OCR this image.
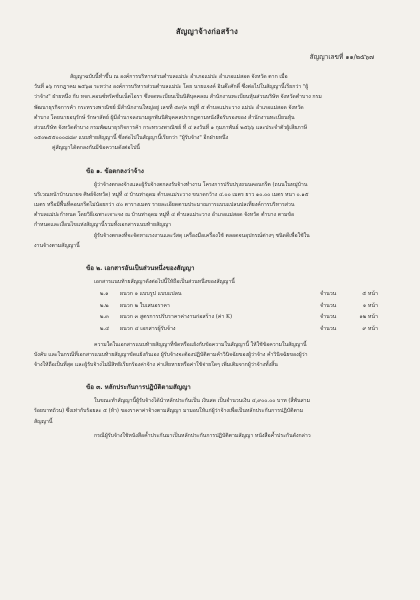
สัญญาจ้างก่อสร้าง
สัญญาเลขที่ ๑๑/๒๕๖๗

สัญญาฉบับนี้ทำขึ้น ณ องค์การบริหารส่วนตำบลแม่ปะ อำเภอแม่ปะ อำเภอแม่สอด จังหวัด ตาก เมื่อ

วันที่ ๑๖ กรกฎาคม ๒๕๖๗ ระหว่าง องค์การบริหารส่วนตำบลแม่ปะ โดย นายแจงค์ อินต๊ะศักดิ์ ซึ่งต่อไปในสัญญานี้เรียกว่า "ผู้

ว่าจ้าง" ฝ่ายหนึ่ง กับ หจก.คอนซ์ทรัคชั่นเน็ตไอรา ซึ่งจดทะเบียนเป็นนิติบุคคลณ สำนักงานทะเบียนหุ้นส่วนบริษัท จังหวัดตำบาง กรม

พัฒนาธุรกิจการค้า กระทรวงพาณิชย์ มีสำนักงานใหญ่อยู่ เลขที่ ๕๙/๓ หมู่ที่ ๕ ตำบลแม่ระวาง แม่ปะ อำเภอแม่สอด จังหวัด

ตำบาง โดยนายอนุรักษ์ รักษาสัตย์ ผู้มีอำนาจลงนามผูกพันนิติบุคคลปรากฏตามหนังสือรับรองของ สำนักงานทะเบียนหุ้น

ส่วนบริษัท จังหวัดตำบาง กรมพัฒนาธุรกิจการค้า กระทรวงพาณิชย์ ที่ ๔ ลงวันที่ ๑ กุมภาพันธ์ ๒๕๖๖ และประจำตัวผู้เสียภาษี

๐๕๐๒๕๕๐๐๐๘๘๙ แนบท้ายสัญญานี้ ซึ่งต่อไปในสัญญานี้เรียกว่า "ผู้รับจ้าง" อีกฝ่ายหนึ่ง

คู่สัญญาได้ตกลงกันมีข้อความดังต่อไปนี้

ข้อ ๑. ข้อตกลงว่าจ้าง

ผู้ว่าจ้างตกลงจ้างและผู้รับจ้างตกลงรับจ้างทำงาน โครงการปรับปรุงถนนคอนกรีต (ถนนในหมู่บ้าน

บริเวณหน้าบ้านนายจ ศิษย์จังหวัด) หมู่ที่ ๔ บ้านท่าอุดม ตำบลแม่ระวาง ขนาดกว้าง ๔.๐๐ เมตร ยาว ๑๐.๐๐ เมตร หนา ๐.๑๕

เมตร หรือมีพื้นที่คอนกรีตไม่น้อยกว่า ๔๐ ตารางเมตร รายละเอียดตามประมาณการแบบแปลนปลเที่ยงค์การบริหารส่วน

ตำบลแม่ปะกำหนด โดยวิธีเฉพาะเจาะจง ณ บ้านท่าอุดม หมู่ที่ ๔ ตำบลแม่ระวาง อำเภอแม่สอด จังหวัด ตำบาง ตามข้อ

กำหนดและเงื่อนไขแห่งสัญญานี้รวมทั้งเอกสารแนบท้ายสัญญา

ผู้รับจ้างตกลงที่จะจัดหาแรงงานและวัสดุ เครื่องมือเครื่องใช้ ตลอดจนอุปกรณ์ต่างๆ ชนิดดีเพื่อใช้ใน

งานจ้างตามสัญญานี้

ข้อ ๒. เอกสารอันเป็นส่วนหนึ่งของสัญญา

เอกสารแนบท้ายสัญญาดังต่อไปนี้ให้ถือเป็นส่วนหนึ่งของสัญญานี้

๒.๑	ผนวก ๑ แบบรูป แบบแปลน	จำนวน	๕ หน้า
๒.๒	ผนวก ๒ ใบเสนอราคา	จำนวน	๑ หน้า
๒.๓	ผนวก ๓ สูตรการปรับราคาค่างานก่อสร้าง (ค่า K)	จำนวน	๑๒ หน้า
๒.๔	ผนวก ๔ เอกสารผู้รับจ้าง	จำนวน	๙ หน้า

ความใดในเอกสารแนบท้ายสัญญาที่ขัดหรือแย้งกับข้อความในสัญญานี้ ให้ใช้ข้อความในสัญญานี้

บังคับ และในกรณีที่เอกสารแนบท้ายสัญญาขัดแย้งกันเอง ผู้รับจ้างจะต้องปฏิบัติตามคำวินิจฉัยของผู้ว่าจ้าง คำวินิจฉัยของผู้ว่า

จ้างให้ถือเป็นที่สุด และผู้รับจ้างไม่มีสิทธิเรียกร้องค่าจ้าง ค่าเสียหายหรือค่าใช้จ่ายใดๆ เพิ่มเติมจากผู้ว่าจ้างทั้งสิ้น

ข้อ ๓. หลักประกันการปฏิบัติตามสัญญา

ในขณะทำสัญญานี้ผู้รับจ้างได้นำหลักประกันเป็น เงินสด เป็นจำนวนเงิน ๔,๙๐๐.๐๐ บาท (สี่พันสาม

ร้อยบาทถ้วน) ซึ่งเท่ากับร้อยละ ๕ (ห้า) ของราคาค่าจ้างตามสัญญา มามอบให้แก่ผู้ว่าจ้างเพื่อเป็นหลักประกันการปฏิบัติตาม

สัญญานี้

กรณีผู้รับจ้างใช้หนังสือค้ำประกันมาเป็นหลักประกันการปฏิบัติตามสัญญา หนังสือค้ำประกันดังกล่าว
